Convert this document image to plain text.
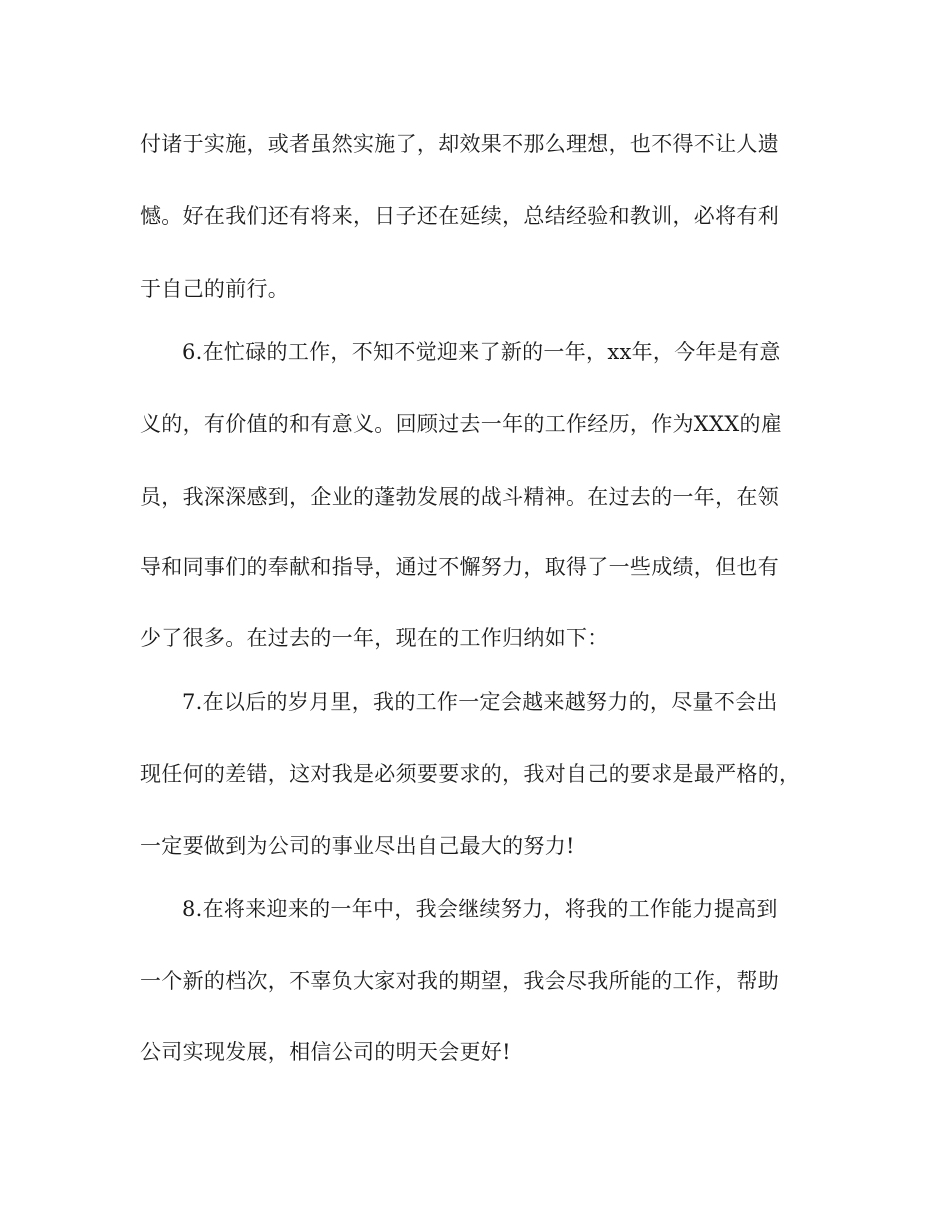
付诸于实施，或者虽然实施了，却效果不那么理想，也不得不让人遗
憾。好在我们还有将来，日子还在延续，总结经验和教训，必将有利
于自己的前行。
6.在忙碌的工作，不知不觉迎来了新的一年，xx年，今年是有意
义的，有价值的和有意义。回顾过去一年的工作经历，作为XXX的雇
员，我深深感到，企业的蓬勃发展的战斗精神。在过去的一年，在领
导和同事们的奉献和指导，通过不懈努力，取得了一些成绩，但也有
少了很多。在过去的一年，现在的工作归纳如下：
7.在以后的岁月里，我的工作一定会越来越努力的，尽量不会出
现任何的差错，这对我是必须要要求的，我对自己的要求是最严格的，
一定要做到为公司的事业尽出自己最大的努力!
8.在将来迎来的一年中，我会继续努力，将我的工作能力提高到
一个新的档次，不辜负大家对我的期望，我会尽我所能的工作，帮助
公司实现发展，相信公司的明天会更好!
